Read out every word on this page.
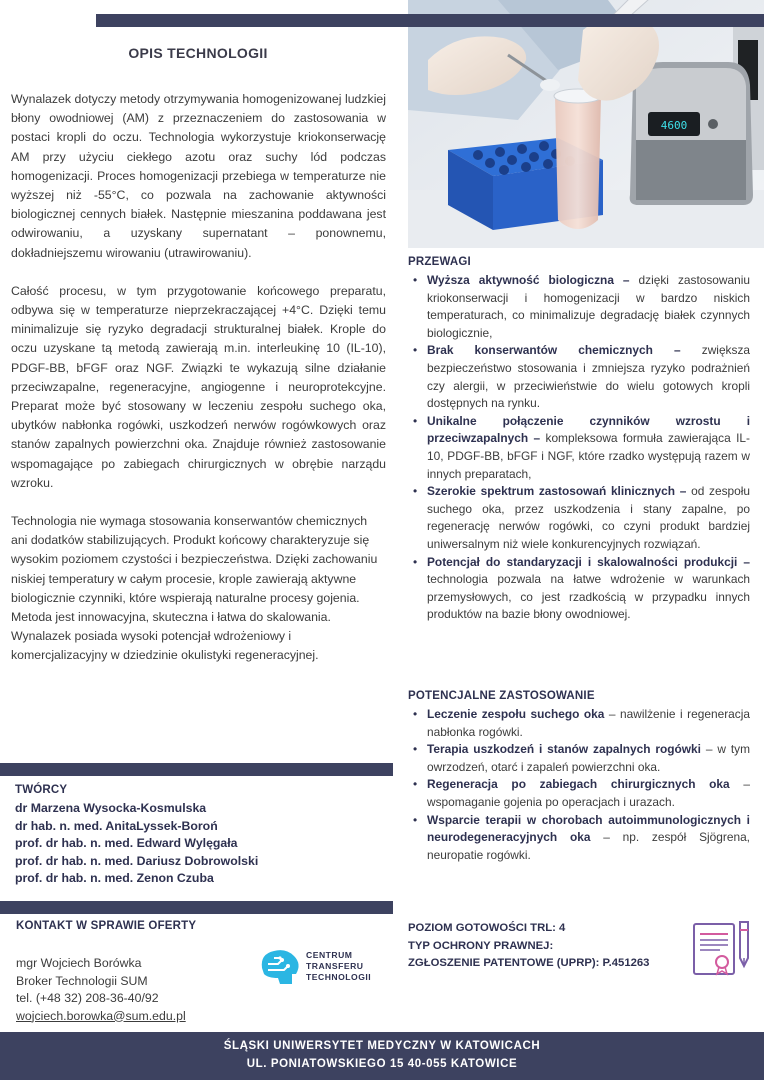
4600
OPIS TECHNOLOGII

Wynalazek dotyczy metody otrzymywania homogenizowanej ludzkiej błony owodniowej (AM) z przeznaczeniem do zastosowania w postaci kropli do oczu. Technologia wykorzystuje kriokonserwację AM przy użyciu ciekłego azotu oraz suchy lód podczas homogenizacji. Proces homogenizacji przebiega w temperaturze nie wyższej niż -55°C, co pozwala na zachowanie aktywności biologicznej cennych białek. Następnie mieszanina poddawana jest odwirowaniu, a uzyskany supernatant – ponownemu, dokładniejszemu wirowaniu (utrawirowaniu).

Całość procesu, w tym przygotowanie końcowego preparatu, odbywa się w temperaturze nieprzekraczającej +4°C. Dzięki temu minimalizuje się ryzyko degradacji strukturalnej białek. Krople do oczu uzyskane tą metodą zawierają m.in. interleukinę 10 (IL-10), PDGF-BB, bFGF oraz NGF. Związki te wykazują silne działanie przeciwzapalne, regeneracyjne, angiogenne i neuroprotekcyjne. Preparat może być stosowany w leczeniu zespołu suchego oka, ubytków nabłonka rogówki, uszkodzeń nerwów rogówkowych oraz stanów zapalnych powierzchni oka. Znajduje również zastosowanie wspomagające po zabiegach chirurgicznych w obrębie narządu wzroku.

Technologia nie wymaga stosowania konserwantów chemicznych ani dodatków stabilizujących. Produkt końcowy charakteryzuje się wysokim poziomem czystości i bezpieczeństwa. Dzięki zachowaniu niskiej temperatury w całym procesie, krople zawierają aktywne biologicznie czynniki, które wspierają naturalne procesy gojenia. Metoda jest innowacyjna, skuteczna i łatwa do skalowania. Wynalazek posiada wysoki potencjał wdrożeniowy i komercjalizacyjny w dziedzinie okulistyki regeneracyjnej.

TWÓRCY
dr Marzena Wysocka-Kosmulska
dr hab. n. med. AnitaLyssek-Boroń
prof. dr hab. n. med. Edward Wylęgała
prof. dr hab. n. med. Dariusz Dobrowolski
prof. dr hab. n. med. Zenon Czuba
KONTAKT W SPRAWIE OFERTY
mgr Wojciech Borówka
Broker Technologii SUM
tel. (+48 32) 208-36-40/92
wojciech.borowka@sum.edu.pl
CENTRUM
TRANSFERU
TECHNOLOGII
PRZEWAGI
• Wyższa aktywność biologiczna – dzięki zastosowaniu kriokonserwacji i homogenizacji w bardzo niskich temperaturach, co minimalizuje degradację białek czynnych biologicznie,
• Brak konserwantów chemicznych – zwiększa bezpieczeństwo stosowania i zmniejsza ryzyko podrażnień czy alergii, w przeciwieństwie do wielu gotowych kropli dostępnych na rynku.
• Unikalne połączenie czynników wzrostu i przeciwzapalnych – kompleksowa formuła zawierająca IL-10, PDGF-BB, bFGF i NGF, które rzadko występują razem w innych preparatach,
• Szerokie spektrum zastosowań klinicznych – od zespołu suchego oka, przez uszkodzenia i stany zapalne, po regenerację nerwów rogówki, co czyni produkt bardziej uniwersalnym niż wiele konkurencyjnych rozwiązań.
• Potencjał do standaryzacji i skalowalności produkcji – technologia pozwala na łatwe wdrożenie w warunkach przemysłowych, co jest rzadkością w przypadku innych produktów na bazie błony owodniowej.
POTENCJALNE ZASTOSOWANIE
• Leczenie zespołu suchego oka – nawilżenie i regeneracja nabłonka rogówki.
• Terapia uszkodzeń i stanów zapalnych rogówki – w tym owrzodzeń, otarć i zapaleń powierzchni oka.
• Regeneracja po zabiegach chirurgicznych oka – wspomaganie gojenia po operacjach i urazach.
• Wsparcie terapii w chorobach autoimmunologicznych i neurodegeneracyjnych oka – np. zespół Sjögrena, neuropatie rogówki.
POZIOM GOTOWOŚCI TRL: 4
TYP OCHRONY PRAWNEJ:
ZGŁOSZENIE PATENTOWE (UPRP): P.451263
ŚLĄSKI UNIWERSYTET MEDYCZNY W KATOWICACH
UL. PONIATOWSKIEGO 15 40-055 KATOWICE
